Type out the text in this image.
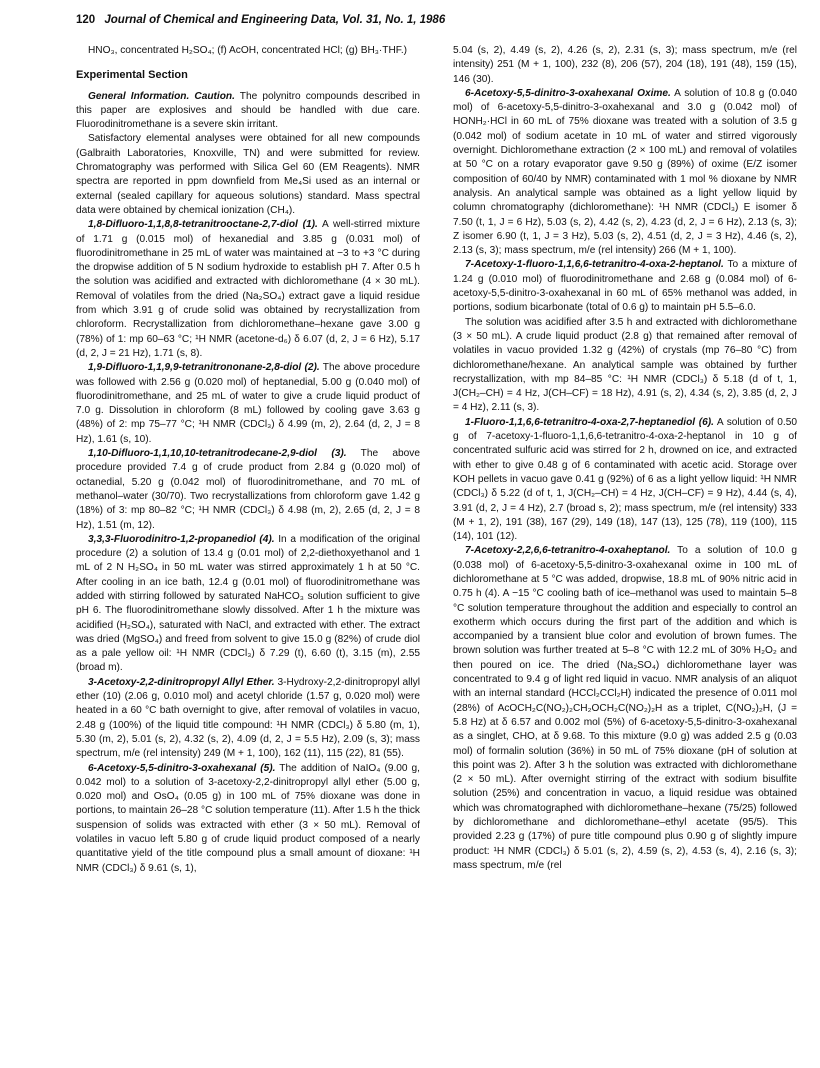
120 Journal of Chemical and Engineering Data, Vol. 31, No. 1, 1986

HNO₃, concentrated H₂SO₄; (f) AcOH, concentrated HCl; (g) BH₃·THF.)

Experimental Section

General Information. Caution. The polynitro compounds described in this paper are explosives and should be handled with due care. Fluorodinitromethane is a severe skin irritant.

Satisfactory elemental analyses were obtained for all new compounds (Galbraith Laboratories, Knoxville, TN) and were submitted for review. Chromatography was performed with Silica Gel 60 (EM Reagents). NMR spectra are reported in ppm downfield from Me₄Si used as an internal or external (sealed capillary for aqueous solutions) standard. Mass spectral data were obtained by chemical ionization (CH₄).

1,8-Difluoro-1,1,8,8-tetranitrooctane-2,7-diol (1). A well-stirred mixture of 1.71 g (0.015 mol) of hexanedial and 3.85 g (0.031 mol) of fluorodinitromethane in 25 mL of water was maintained at −3 to +3 °C during the dropwise addition of 5 N sodium hydroxide to establish pH 7. After 0.5 h the solution was acidified and extracted with dichloromethane (4 × 30 mL). Removal of volatiles from the dried (Na₂SO₄) extract gave a liquid residue from which 3.91 g of crude solid was obtained by recrystallization from chloroform. Recrystallization from dichloromethane–hexane gave 3.00 g (78%) of 1: mp 60–63 °C; ¹H NMR (acetone-d₆) δ 6.07 (d, 2, J = 6 Hz), 5.17 (d, 2, J = 21 Hz), 1.71 (s, 8).

1,9-Difluoro-1,1,9,9-tetranitrononane-2,8-diol (2). The above procedure was followed with 2.56 g (0.020 mol) of heptanedial, 5.00 g (0.040 mol) of fluorodinitromethane, and 25 mL of water to give a crude liquid product of 7.0 g. Dissolution in chloroform (8 mL) followed by cooling gave 3.63 g (48%) of 2: mp 75–77 °C; ¹H NMR (CDCl₃) δ 4.99 (m, 2), 2.64 (d, 2, J = 8 Hz), 1.61 (s, 10).

1,10-Difluoro-1,1,10,10-tetranitrodecane-2,9-diol (3). The above procedure provided 7.4 g of crude product from 2.84 g (0.020 mol) of octanedial, 5.20 g (0.042 mol) of fluorodinitromethane, and 70 mL of methanol–water (30/70). Two recrystallizations from chloroform gave 1.42 g (18%) of 3: mp 80–82 °C; ¹H NMR (CDCl₃) δ 4.98 (m, 2), 2.65 (d, 2, J = 8 Hz), 1.51 (m, 12).

3,3,3-Fluorodinitro-1,2-propanediol (4). In a modification of the original procedure (2) a solution of 13.4 g (0.01 mol) of 2,2-diethoxyethanol and 1 mL of 2 N H₂SO₄ in 50 mL water was stirred approximately 1 h at 50 °C. After cooling in an ice bath, 12.4 g (0.01 mol) of fluorodinitromethane was added with stirring followed by saturated NaHCO₃ solution sufficient to give pH 6. The fluorodinitromethane slowly dissolved. After 1 h the mixture was acidified (H₂SO₄), saturated with NaCl, and extracted with ether. The extract was dried (MgSO₄) and freed from solvent to give 15.0 g (82%) of crude diol as a pale yellow oil: ¹H NMR (CDCl₃) δ 7.29 (t), 6.60 (t), 3.15 (m), 2.55 (broad m).

3-Acetoxy-2,2-dinitropropyl Allyl Ether. 3-Hydroxy-2,2-dinitropropyl allyl ether (10) (2.06 g, 0.010 mol) and acetyl chloride (1.57 g, 0.020 mol) were heated in a 60 °C bath overnight to give, after removal of volatiles in vacuo, 2.48 g (100%) of the liquid title compound: ¹H NMR (CDCl₃) δ 5.80 (m, 1), 5.30 (m, 2), 5.01 (s, 2), 4.32 (s, 2), 4.09 (d, 2, J = 5.5 Hz), 2.09 (s, 3); mass spectrum, m/e (rel intensity) 249 (M + 1, 100), 162 (11), 115 (22), 81 (55).

6-Acetoxy-5,5-dinitro-3-oxahexanal (5). The addition of NaIO₄ (9.00 g, 0.042 mol) to a solution of 3-acetoxy-2,2-dinitropropyl allyl ether (5.00 g, 0.020 mol) and OsO₄ (0.05 g) in 100 mL of 75% dioxane was done in portions, to maintain 26–28 °C solution temperature (11). After 1.5 h the thick suspension of solids was extracted with ether (3 × 50 mL). Removal of volatiles in vacuo left 5.80 g of crude liquid product composed of a nearly quantitative yield of the title compound plus a small amount of dioxane: ¹H NMR (CDCl₃) δ 9.61 (s, 1),

5.04 (s, 2), 4.49 (s, 2), 4.26 (s, 2), 2.31 (s, 3); mass spectrum, m/e (rel intensity) 251 (M + 1, 100), 232 (8), 206 (57), 204 (18), 191 (48), 159 (15), 146 (30).

6-Acetoxy-5,5-dinitro-3-oxahexanal Oxime. A solution of 10.8 g (0.040 mol) of 6-acetoxy-5,5-dinitro-3-oxahexanal and 3.0 g (0.042 mol) of HONH₂·HCl in 60 mL of 75% dioxane was treated with a solution of 3.5 g (0.042 mol) of sodium acetate in 10 mL of water and stirred vigorously overnight. Dichloromethane extraction (2 × 100 mL) and removal of volatiles at 50 °C on a rotary evaporator gave 9.50 g (89%) of oxime (E/Z isomer composition of 60/40 by NMR) contaminated with 1 mol % dioxane by NMR analysis. An analytical sample was obtained as a light yellow liquid by column chromatography (dichloromethane): ¹H NMR (CDCl₃) E isomer δ 7.50 (t, 1, J = 6 Hz), 5.03 (s, 2), 4.42 (s, 2), 4.23 (d, 2, J = 6 Hz), 2.13 (s, 3); Z isomer 6.90 (t, 1, J = 3 Hz), 5.03 (s, 2), 4.51 (d, 2, J = 3 Hz), 4.46 (s, 2), 2.13 (s, 3); mass spectrum, m/e (rel intensity) 266 (M + 1, 100).

7-Acetoxy-1-fluoro-1,1,6,6-tetranitro-4-oxa-2-heptanol. To a mixture of 1.24 g (0.010 mol) of fluorodinitromethane and 2.68 g (0.084 mol) of 6-acetoxy-5,5-dinitro-3-oxahexanal in 60 mL of 65% methanol was added, in portions, sodium bicarbonate (total of 0.6 g) to maintain pH 5.5–6.0.

The solution was acidified after 3.5 h and extracted with dichloromethane (3 × 50 mL). A crude liquid product (2.8 g) that remained after removal of volatiles in vacuo provided 1.32 g (42%) of crystals (mp 76–80 °C) from dichloromethane/hexane. An analytical sample was obtained by further recrystallization, with mp 84–85 °C: ¹H NMR (CDCl₃) δ 5.18 (d of t, 1, J(CH₂–CH) = 4 Hz, J(CH–CF) = 18 Hz), 4.91 (s, 2), 4.34 (s, 2), 3.85 (d, 2, J = 4 Hz), 2.11 (s, 3).

1-Fluoro-1,1,6,6-tetranitro-4-oxa-2,7-heptanediol (6). A solution of 0.50 g of 7-acetoxy-1-fluoro-1,1,6,6-tetranitro-4-oxa-2-heptanol in 10 g of concentrated sulfuric acid was stirred for 2 h, drowned on ice, and extracted with ether to give 0.48 g of 6 contaminated with acetic acid. Storage over KOH pellets in vacuo gave 0.41 g (92%) of 6 as a light yellow liquid: ¹H NMR (CDCl₃) δ 5.22 (d of t, 1, J(CH₂–CH) = 4 Hz, J(CH–CF) = 9 Hz), 4.44 (s, 4), 3.91 (d, 2, J = 4 Hz), 2.7 (broad s, 2); mass spectrum, m/e (rel intensity) 333 (M + 1, 2), 191 (38), 167 (29), 149 (18), 147 (13), 125 (78), 119 (100), 115 (14), 101 (12).

7-Acetoxy-2,2,6,6-tetranitro-4-oxaheptanol. To a solution of 10.0 g (0.038 mol) of 6-acetoxy-5,5-dinitro-3-oxahexanal oxime in 100 mL of dichloromethane at 5 °C was added, dropwise, 18.8 mL of 90% nitric acid in 0.75 h (4). A −15 °C cooling bath of ice–methanol was used to maintain 5–8 °C solution temperature throughout the addition and especially to control an exotherm which occurs during the first part of the addition and which is accompanied by a transient blue color and evolution of brown fumes. The brown solution was further treated at 5–8 °C with 12.2 mL of 30% H₂O₂ and then poured on ice. The dried (Na₂SO₄) dichloromethane layer was concentrated to 9.4 g of light red liquid in vacuo. NMR analysis of an aliquot with an internal standard (HCCl₂CCl₂H) indicated the presence of 0.011 mol (28%) of AcOCH₂C(NO₂)₂CH₂OCH₂C(NO₂)₂H as a triplet, C(NO₂)₂H, (J = 5.8 Hz) at δ 6.57 and 0.002 mol (5%) of 6-acetoxy-5,5-dinitro-3-oxahexanal as a singlet, CHO, at δ 9.68. To this mixture (9.0 g) was added 2.5 g (0.03 mol) of formalin solution (36%) in 50 mL of 75% dioxane (pH of solution at this point was 2). After 3 h the solution was extracted with dichloromethane (2 × 50 mL). After overnight stirring of the extract with sodium bisulfite solution (25%) and concentration in vacuo, a liquid residue was obtained which was chromatographed with dichloromethane–hexane (75/25) followed by dichloromethane and dichloromethane–ethyl acetate (95/5). This provided 2.23 g (17%) of pure title compound plus 0.90 g of slightly impure product: ¹H NMR (CDCl₃) δ 5.01 (s, 2), 4.59 (s, 2), 4.53 (s, 4), 2.16 (s, 3); mass spectrum, m/e (rel
